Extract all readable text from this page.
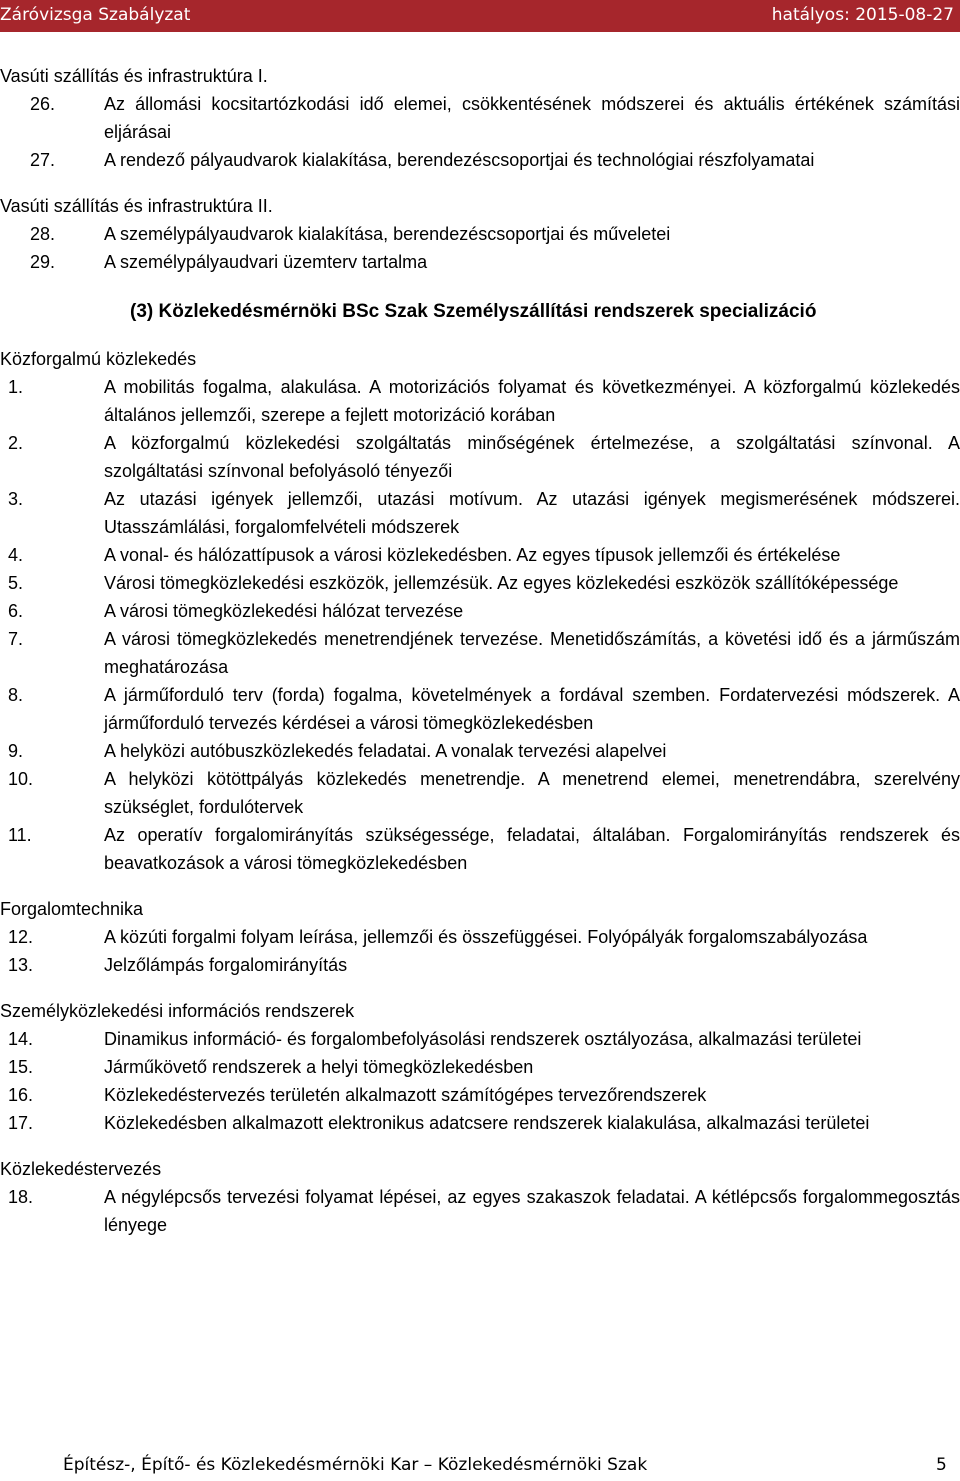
Záróvizsga Szabályzat	hatályos: 2015-08-27
Vasúti szállítás és infrastruktúra I.
26.	Az állomási kocsitartózkodási idő elemei, csökkentésének módszerei és aktuális értékének számítási eljárásai
27.	A rendező pályaudvarok kialakítása, berendezéscsoportjai és technológiai részfolyamatai
Vasúti szállítás és infrastruktúra II.
28.	A személypályaudvarok kialakítása, berendezéscsoportjai és műveletei
29.	A személypályaudvari üzemterv tartalma
(3) Közlekedésmérnöki BSc Szak Személyszállítási rendszerek specializáció
Közforgalmú közlekedés
1.	A mobilitás fogalma, alakulása. A motorizációs folyamat és következményei. A közforgalmú közlekedés általános jellemzői, szerepe a fejlett motorizáció korában
2.	A közforgalmú közlekedési szolgáltatás minőségének értelmezése, a szolgáltatási színvonal. A szolgáltatási színvonal befolyásoló tényezői
3.	Az utazási igények jellemzői, utazási motívum. Az utazási igények megismerésének módszerei. Utasszámlálási, forgalomfelvételi módszerek
4.	A vonal- és hálózattípusok a városi közlekedésben. Az egyes típusok jellemzői és értékelése
5.	Városi tömegközlekedési eszközök, jellemzésük. Az egyes közlekedési eszközök szállítóképessége
6.	A városi tömegközlekedési hálózat tervezése
7.	A városi tömegközlekedés menetrendjének tervezése. Menetidőszámítás, a követési idő és a járműszám meghatározása
8.	A járműforduló terv (forda) fogalma, követelmények a fordával szemben. Fordatervezési módszerek. A járműforduló tervezés kérdései a városi tömegközlekedésben
9.	A helyközi autóbuszközlekedés feladatai. A vonalak tervezési alapelvei
10.	A helyközi kötöttpályás közlekedés menetrendje. A menetrend elemei, menetrendábra, szerelvény szükséglet, fordulótervek
11.	Az operatív forgalomirányítás szükségessége, feladatai, általában. Forgalomirányítás rendszerek és beavatkozások a városi tömegközlekedésben
Forgalomtechnika
12.	A közúti forgalmi folyam leírása, jellemzői és összefüggései. Folyópályák forgalomszabályozása
13.	Jelzőlámpás forgalomirányítás
Személyközlekedési információs rendszerek
14.	Dinamikus információ- és forgalombefolyásolási rendszerek osztályozása, alkalmazási területei
15.	Járműkövető rendszerek a helyi tömegközlekedésben
16.	Közlekedéstervezés területén alkalmazott számítógépes tervezőrendszerek
17.	Közlekedésben alkalmazott elektronikus adatcsere rendszerek kialakulása, alkalmazási területei
Közlekedéstervezés
18.	A négylépcsős tervezési folyamat lépései, az egyes szakaszok feladatai. A kétlépcsős forgalommegosztás lényege
Építész-, Építő- és Közlekedésmérnöki Kar – Közlekedésmérnöki Szak	5
